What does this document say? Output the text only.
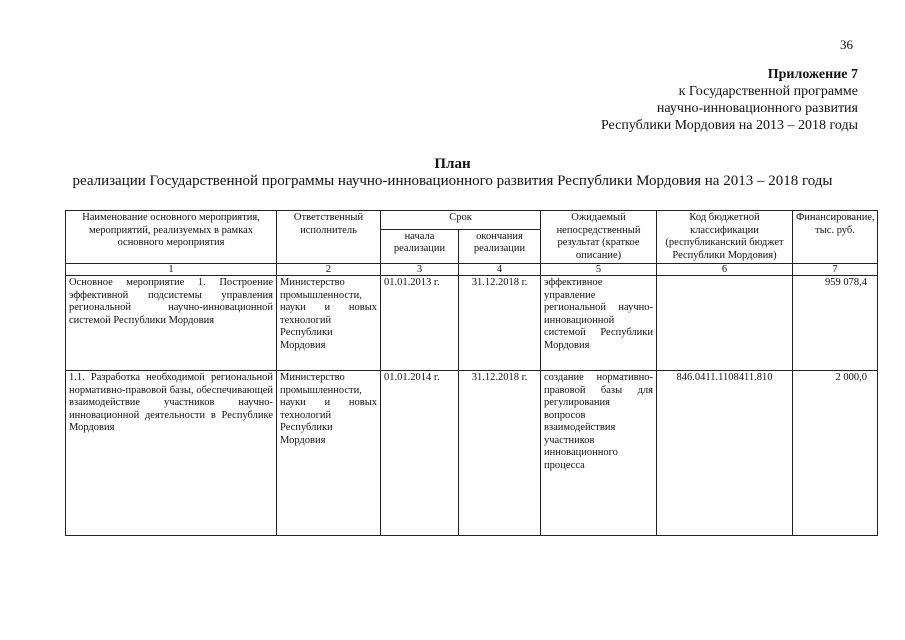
36
Приложение 7
к Государственной программе
научно-инновационного развития
Республики Мордовия на 2013 – 2018 годы
План
реализации Государственной программы научно-инновационного развития Республики Мордовия на 2013 – 2018 годы
Наименование основного мероприятия, мероприятий, реализуемых в рамках основного мероприятия	Ответственный исполнитель	Срок		Ожидаемый непосредственный результат (краткое описание)	Код бюджетной классификации (республиканский бюджет Республики Мордовия)	Финансирование, тыс. руб.
		начала реализации	окончания реализации			
1	2	3	4	5	6	7
Основное мероприятие 1. Построение эффективной подсистемы управления региональной научно-инновационной системой Республики Мордовия	Министерство промышленности, науки и новых технологий Республики Мордовия	01.01.2013 г.	31.12.2018 г.	эффективное управление региональной научно-инновационной системой Республики Мордовия		959 078,4
1.1. Разработка необходимой региональной нормативно-правовой базы, обеспечивающей взаимодействие участников научно-инновационной деятельности в Республике Мордовия	Министерство промышленности, науки и новых технологий Республики Мордовия	01.01.2014 г.	31.12.2018 г.	создание нормативно-правовой базы для регулирования вопросов взаимодействия участников инновационного процесса	846.0411.1108411.810	2 000,0
